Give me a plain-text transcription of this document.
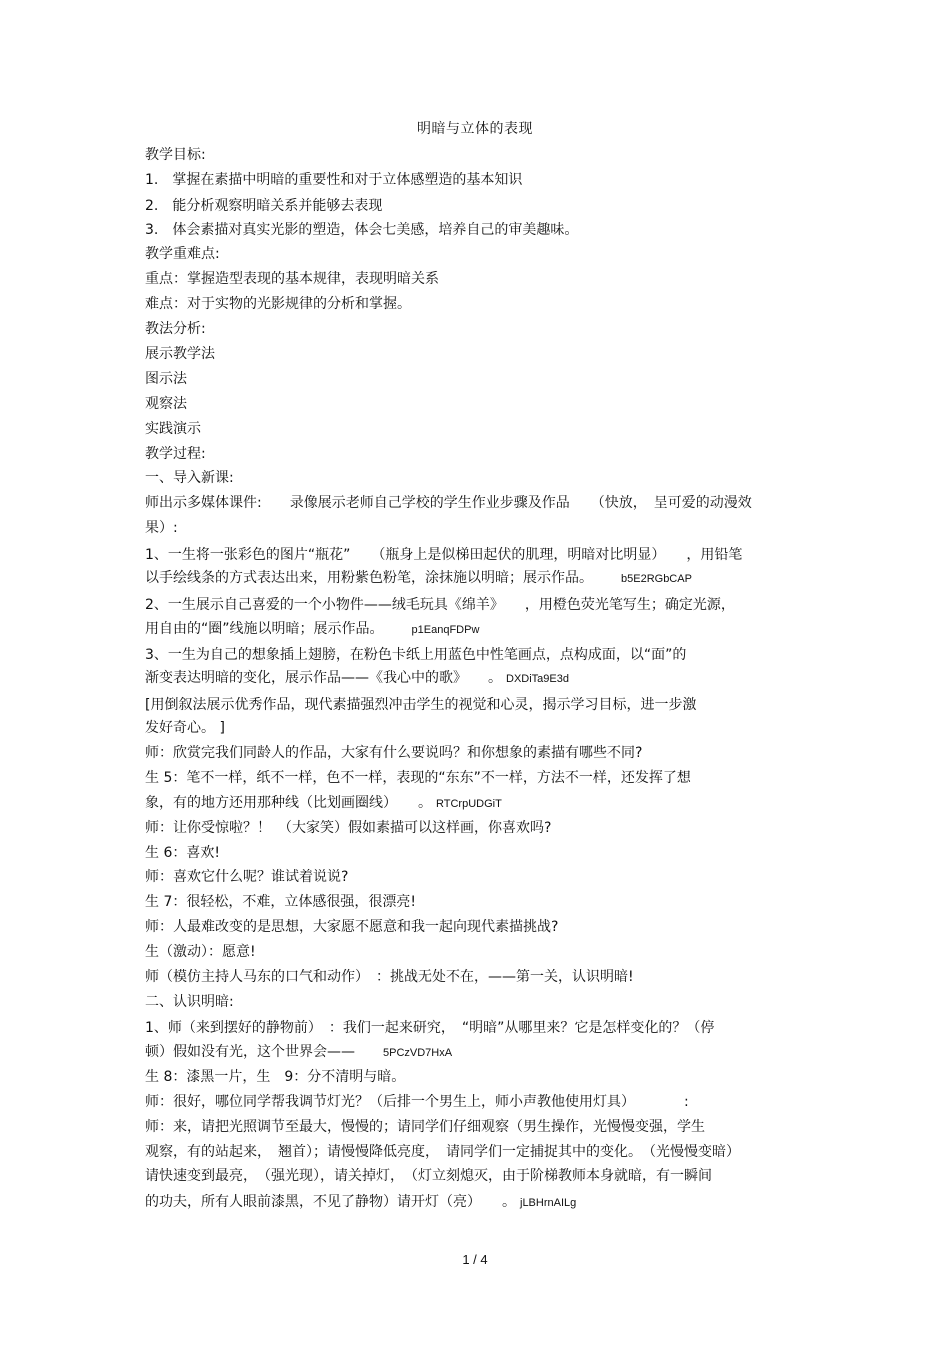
明暗与立体的表现
教学目标:
1.　掌握在素描中明暗的重要性和对于立体感塑造的基本知识
2.　能分析观察明暗关系并能够去表现
3.　体会素描对真实光影的塑造，体会七美感，培养自己的审美趣味。
教学重难点:
重点：掌握造型表现的基本规律，表现明暗关系
难点：对于实物的光影规律的分析和掌握。
教法分析:
展示教学法
图示法
观察法
实践演示
教学过程:
一、导入新课:
师出示多媒体课件:　　录像展示老师自己学校的学生作业步骤及作品　　（快放，　呈可爱的动漫效
果）:
1、一生将一张彩色的图片“瓶花”　　（瓶身上是似梯田起伏的肌理，明暗对比明显）　　，用铅笔
以手绘线条的方式表达出来，用粉紫色粉笔，涂抹施以明暗；展示作品。	b5E2RGbCAP
2、一生展示自己喜爱的一个小物件——绒毛玩具《绵羊》　　，用橙色荧光笔写生；确定光源，
用自由的“圈”线施以明暗；展示作品。	p1EanqFDPw
3、一生为自己的想象插上翅膀，在粉色卡纸上用蓝色中性笔画点，点构成面，以“面”的
渐变表达明暗的变化，展示作品——《我心中的歌》　　。 DXDiTa9E3d
[用倒叙法展示优秀作品，现代素描强烈冲击学生的视觉和心灵，揭示学习目标，进一步激
发好奇心。 ]
师：欣赏完我们同龄人的作品，大家有什么要说吗？和你想象的素描有哪些不同?
生 5：笔不一样，纸不一样，色不一样，表现的“东东”不一样，方法不一样，还发挥了想
象，有的地方还用那种线（比划画圈线）　　。 RTCrpUDGiT
师：让你受惊啦？！　（大家笑）假如素描可以这样画，你喜欢吗?
生 6：喜欢!
师：喜欢它什么呢？谁试着说说?
生 7：很轻松，不难，立体感很强，很漂亮!
师：人最难改变的是思想，大家愿不愿意和我一起向现代素描挑战?
生（激动）：愿意!
师（模仿主持人马东的口气和动作）　：挑战无处不在，——第一关，认识明暗!
二、认识明暗:
1、师（来到摆好的静物前）　：我们一起来研究，　“明暗”从哪里来？它是怎样变化的？（停
顿）假如没有光，这个世界会——	5PCzVD7HxA
生 8：漆黑一片，生　9：分不清明与暗。
师：很好，哪位同学帮我调节灯光？（后排一个男生上，师小声教他使用灯具）　　　　:
师：来，请把光照调节至最大，慢慢的；请同学们仔细观察（男生操作，光慢慢变强，学生
观察，有的站起来，　翘首）；请慢慢降低亮度，　请同学们一定捕捉其中的变化。　（光慢慢变暗）
请快速变到最亮，　（强光现），请关掉灯，　（灯立刻熄灭，由于阶梯教师本身就暗，有一瞬间
的功夫，所有人眼前漆黑，不见了静物）请开灯（亮）　　。 jLBHrnAILg
1 / 4
